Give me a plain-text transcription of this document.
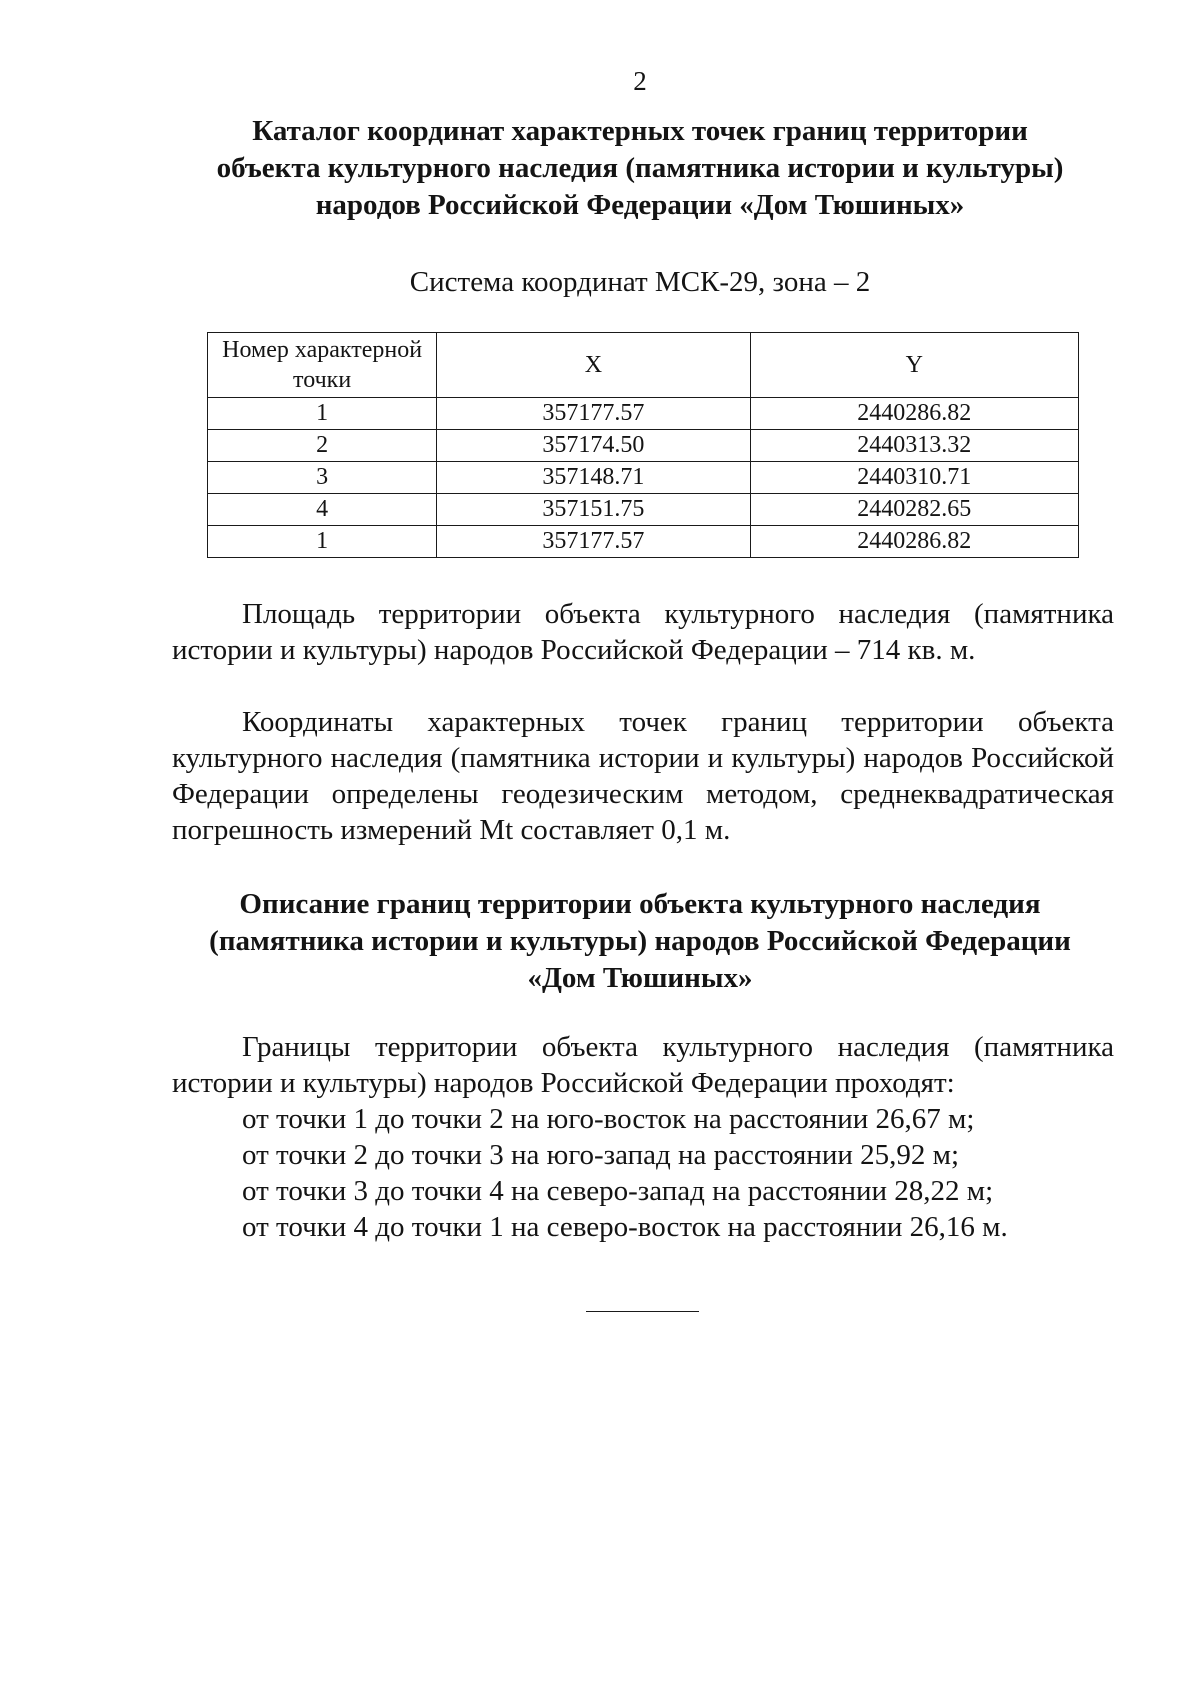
2
Каталог координат характерных точек границ территории
объекта культурного наследия (памятника истории и культуры)
народов Российской Федерации «Дом Тюшиных»
Система координат МСК-29, зона – 2
Номер характерной точки	X	Y
1	357177.57	2440286.82
2	357174.50	2440313.32
3	357148.71	2440310.71
4	357151.75	2440282.65
1	357177.57	2440286.82

Площадь территории объекта культурного наследия (памятника истории и культуры) народов Российской Федерации – 714 кв. м.

Координаты характерных точек границ территории объекта культурного наследия (памятника истории и культуры) народов Российской Федерации определены геодезическим методом, среднеквадратическая погрешность измерений Mt составляет 0,1 м.

Описание границ территории объекта культурного наследия
(памятника истории и культуры) народов Российской Федерации
«Дом Тюшиных»

Границы территории объекта культурного наследия (памятника истории и культуры) народов Российской Федерации проходят:

от точки 1 до точки 2 на юго-восток на расстоянии 26,67 м;
от точки 2 до точки 3 на юго-запад на расстоянии 25,92 м;
от точки 3 до точки 4 на северо-запад на расстоянии 28,22 м;
от точки 4 до точки 1 на северо-восток на расстоянии 26,16 м.
